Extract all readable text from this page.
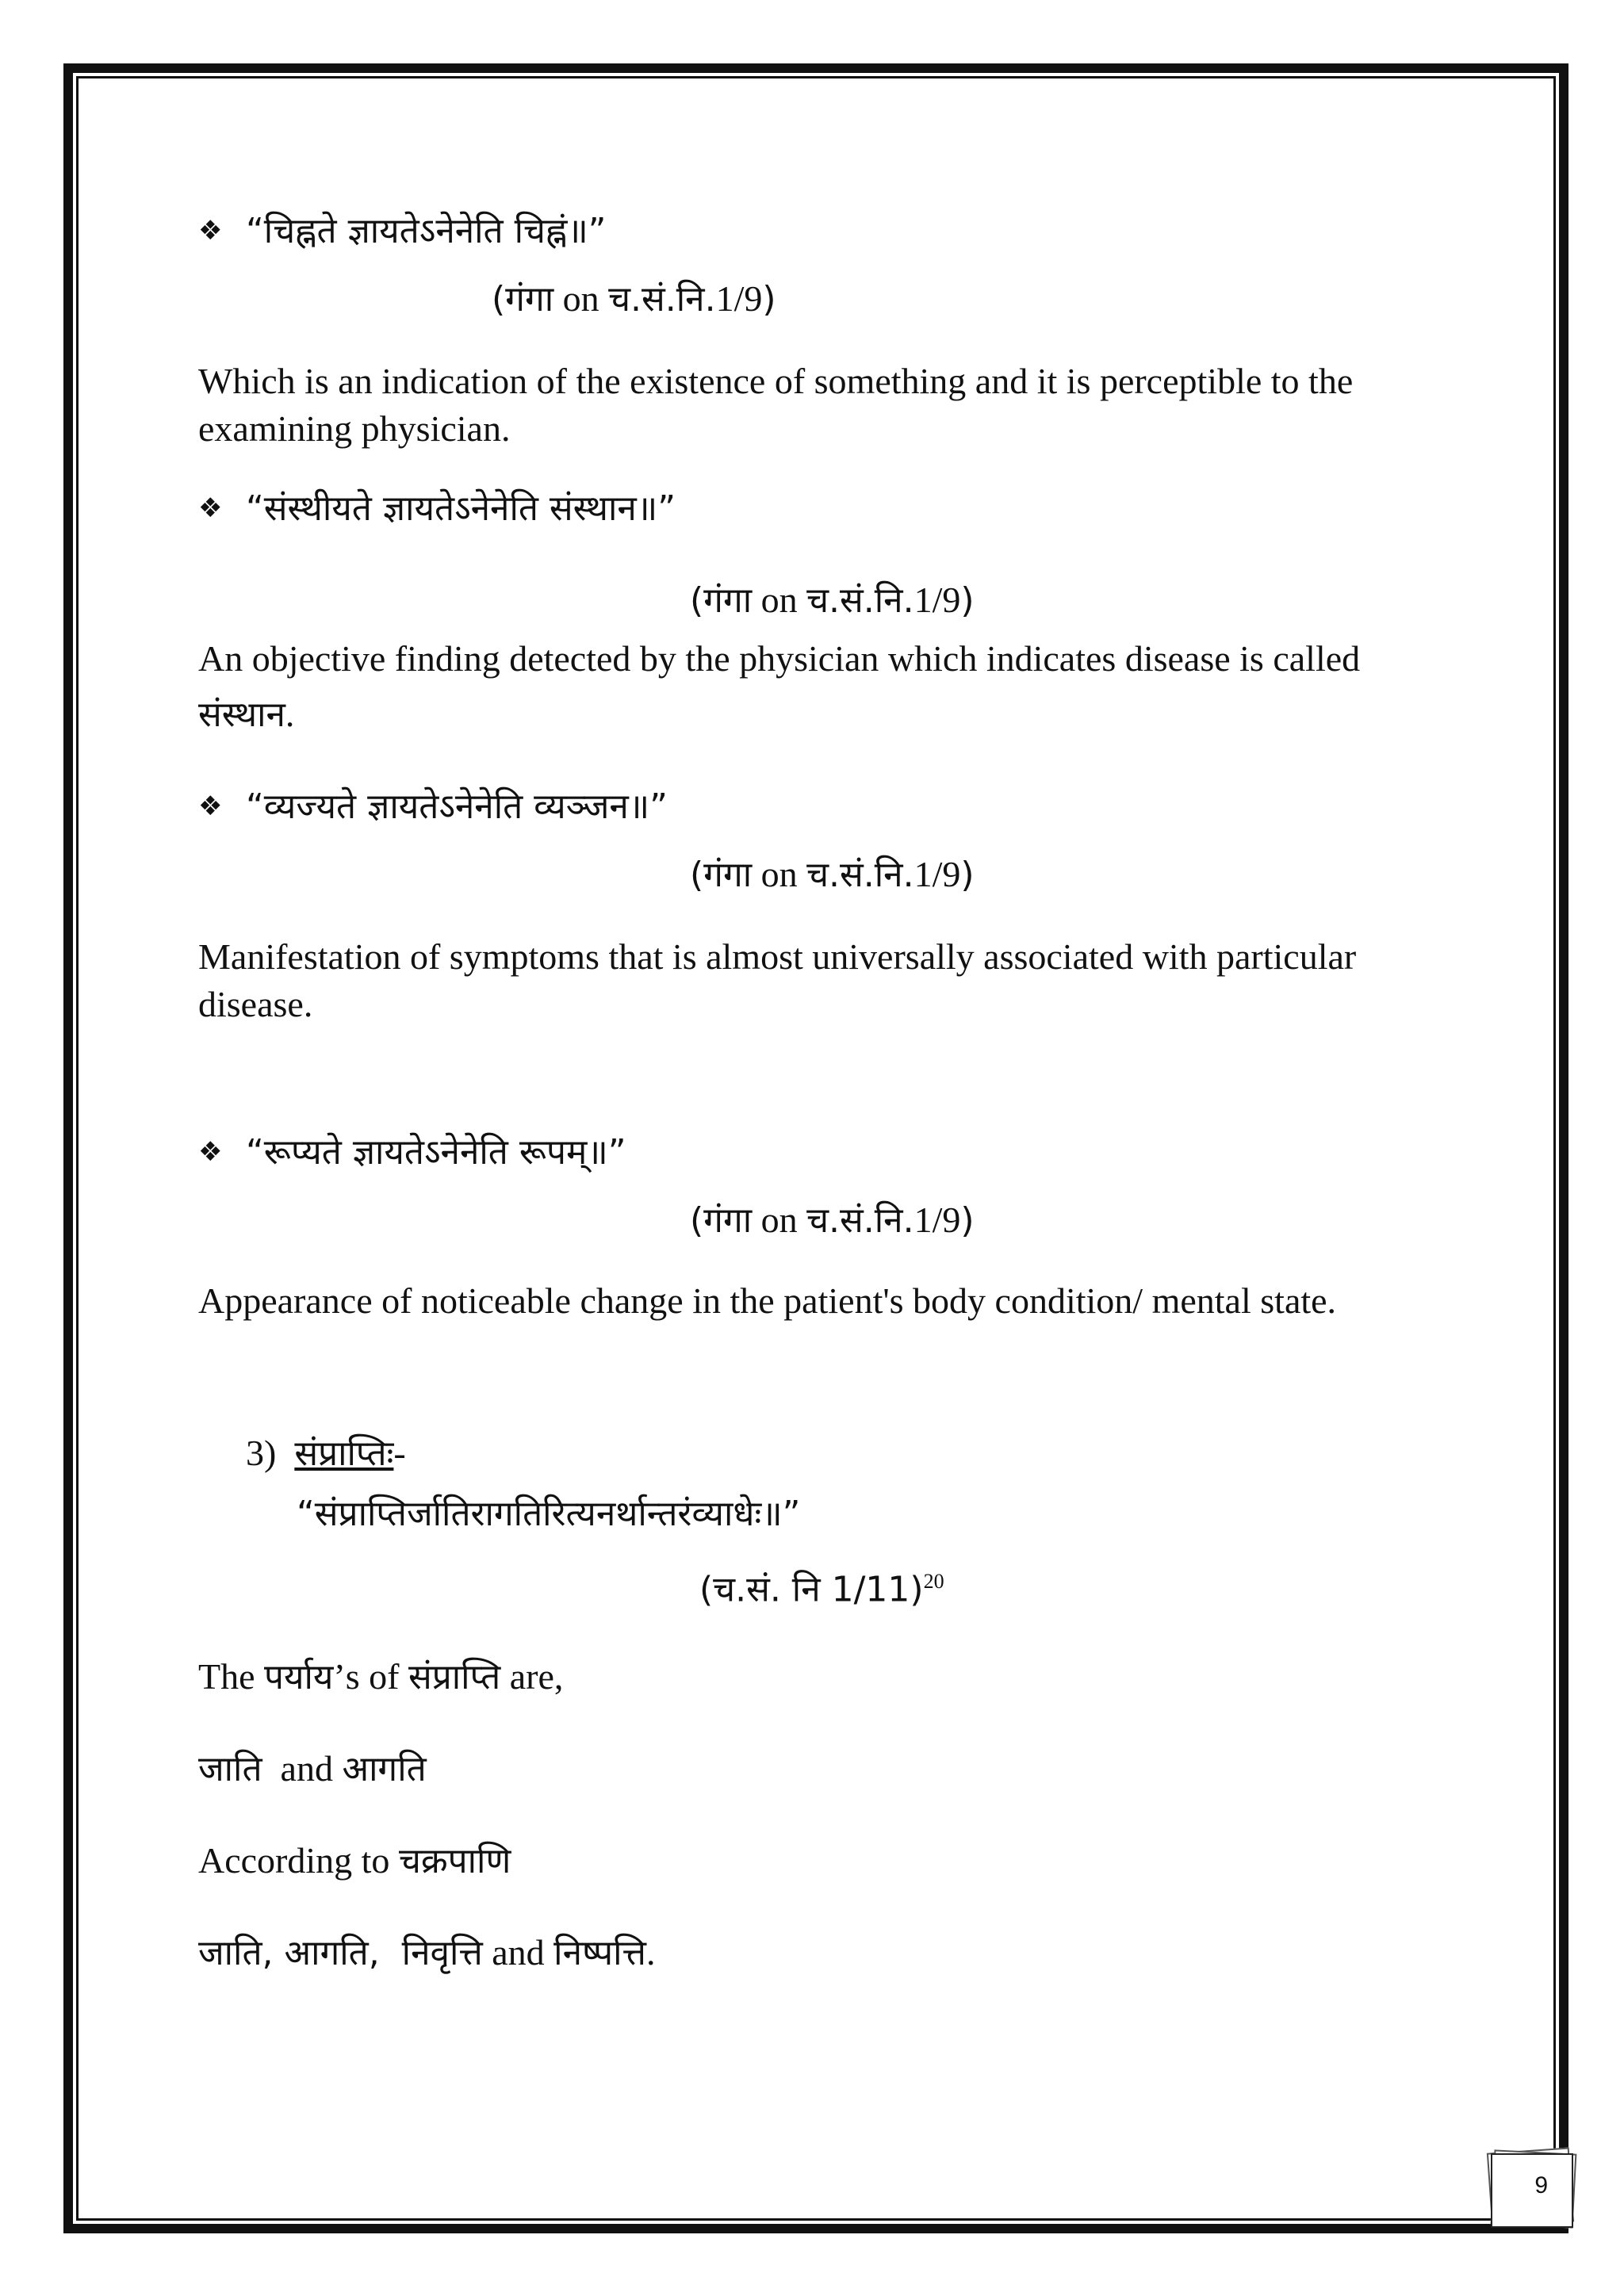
❖ “चिह्नते ज्ञायतेऽनेनेति चिह्नं॥”
(गंगा on च.सं.नि.1/9)
Which is an indication of the existence of something and it is perceptible to the
examining physician.
❖ “संस्थीयते ज्ञायतेऽनेनेति संस्थान॥”
(गंगा on च.सं.नि.1/9)
An objective finding detected by the physician which indicates disease is called
संस्थान.
❖ “व्यज्यते ज्ञायतेऽनेनेति व्यञ्जन॥”
(गंगा on च.सं.नि.1/9)
Manifestation of symptoms that is almost universally associated with particular
disease.
❖ “रूप्यते ज्ञायतेऽनेनेति रूपम्॥”
(गंगा on च.सं.नि.1/9)
Appearance of noticeable change in the patient's body condition/ mental state.
3) संप्राप्तिः-
“संप्राप्तिर्जातिरागतिरित्यनर्थान्तरंव्याधेः॥”
(च.सं. नि 1/11)$^{20}$
The पर्याय’s of संप्राप्ति are,
जाति  and आगति
According to चक्रपाणि
जाति, आगति,  निवृत्ति and निष्पत्ति.
9
